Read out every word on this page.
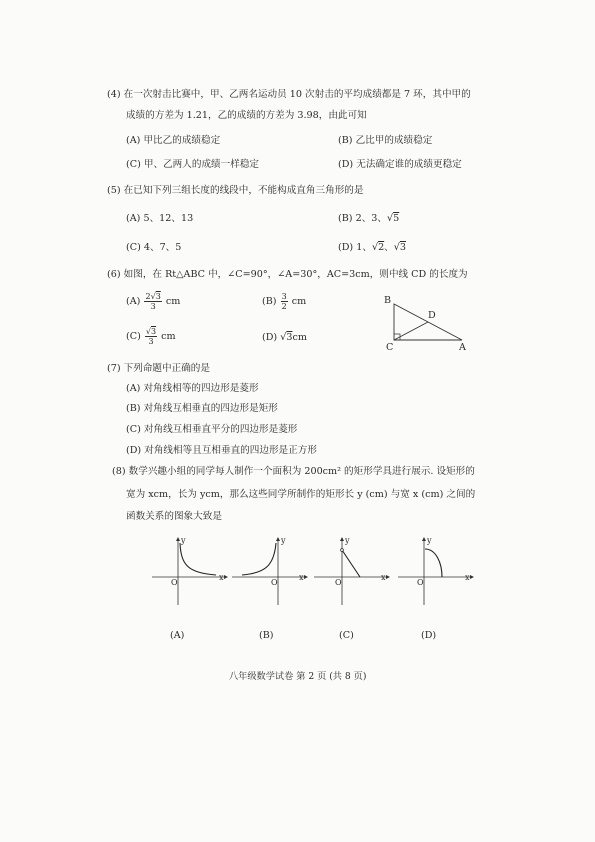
(4) 在一次射击比赛中，甲、乙两名运动员 10 次射击的平均成绩都是 7 环，其中甲的
成绩的方差为 1.21，乙的成绩的方差为 3.98，由此可知
(A) 甲比乙的成绩稳定	(B) 乙比甲的成绩稳定
(C) 甲、乙两人的成绩一样稳定	(D) 无法确定谁的成绩更稳定
(5) 在已知下列三组长度的线段中，不能构成直角三角形的是
(A) 5、12、13	(B) 2、3、√5
(C) 4、7、5	(D) 1、√2、√3
(6) 如图，在 Rt△ABC 中，∠C=90°，∠A=30°，AC=3cm，则中线 CD 的长度为
$(A) \frac{2√3}{3}$ cm	$(B) \frac{3}{2}$ cm
$(C) \frac{√3}{3}$ cm	(D) √3cm
B
D
C	A
(7) 下列命题中正确的是
(A) 对角线相等的四边形是菱形
(B) 对角线互相垂直的四边形是矩形
(C) 对角线互相垂直平分的四边形是菱形
(D) 对角线相等且互相垂直的四边形是正方形
(8) 数学兴趣小组的同学每人制作一个面积为 200cm² 的矩形学具进行展示. 设矩形的
宽为 xcm，长为 ycm，那么这些同学所制作的矩形长 y (cm) 与宽 x (cm) 之间的
函数关系的图象大致是
y
x
O
(A)
y
x
O
(B)
y
x
O
(C)
y
x
O
(D)
八年级数学试卷 第 2 页 (共 8 页)
